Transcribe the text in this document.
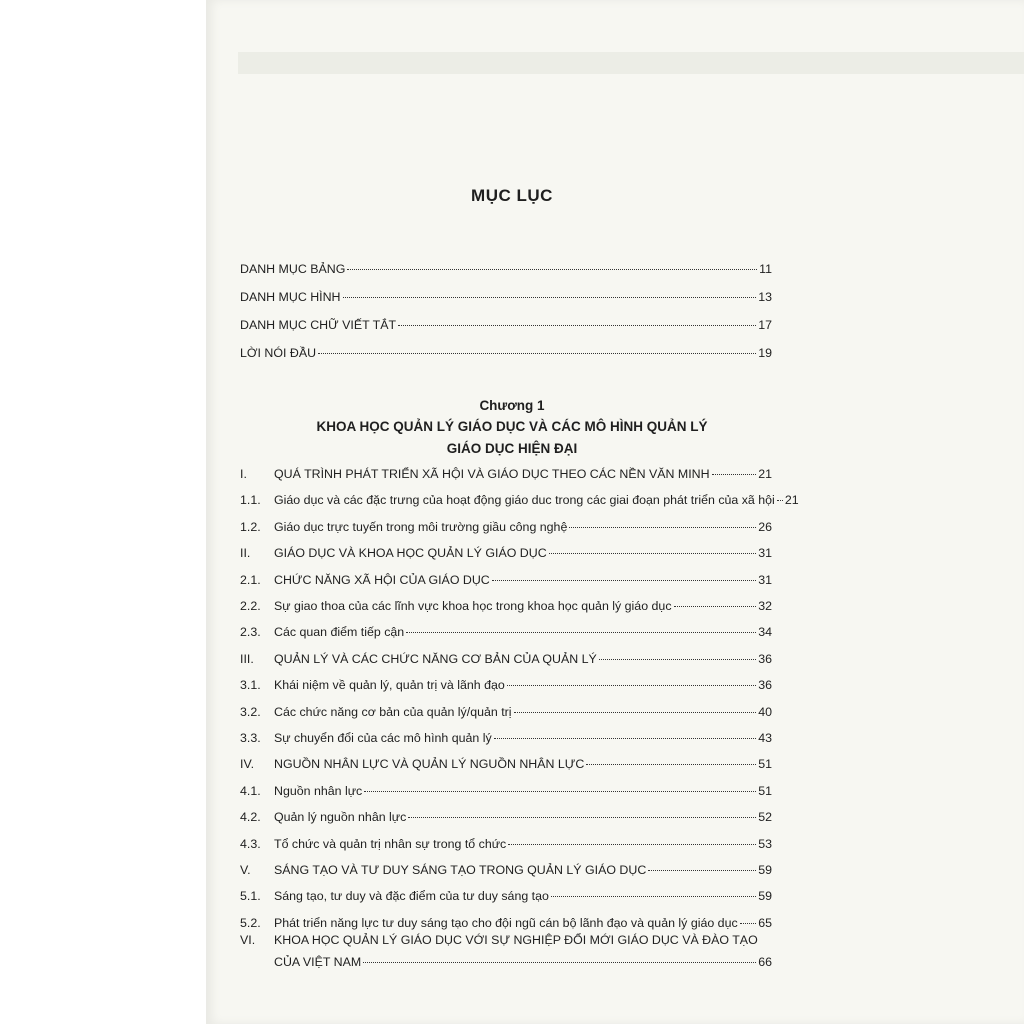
MỤC LỤC
DANH MỤC BẢNG	11
DANH MỤC HÌNH	13
DANH MỤC CHỮ VIẾT TẮT	17
LỜI NÓI ĐẦU	19
Chương 1
KHOA HỌC QUẢN LÝ GIÁO DỤC VÀ CÁC MÔ HÌNH QUẢN LÝ
GIÁO DỤC HIỆN ĐẠI
I.	QUÁ TRÌNH PHÁT TRIỂN XÃ HỘI VÀ GIÁO DỤC THEO CÁC NỀN VĂN MINH	21
1.1.	Giáo dục và các đặc trưng của hoạt động giáo duc trong các giai đoạn phát triển của xã hội 21
1.2.	Giáo dục trực tuyến trong môi trường giầu công nghệ	26
II.	GIÁO DỤC VÀ KHOA HỌC QUẢN LÝ GIÁO DỤC	31
2.1.	CHỨC NĂNG XÃ HỘI CỦA GIÁO DỤC	31
2.2.	Sự giao thoa của các lĩnh vực khoa học trong khoa học quản lý giáo dục	32
2.3.	Các quan điểm tiếp cận	34
III.	QUẢN LÝ VÀ CÁC CHỨC NĂNG CƠ BẢN CỦA QUẢN LÝ	36
3.1.	Khái niệm về quản lý, quản trị và lãnh đạo	36
3.2.	Các chức năng cơ bản của quản lý/quản trị	40
3.3.	Sự chuyển đổi của các mô hình quản lý	43
IV.	NGUỒN NHÂN LỰC VÀ QUẢN LÝ NGUỒN NHÂN LỰC	51
4.1.	Nguồn nhân lực	51
4.2.	Quản lý nguồn nhân lực	52
4.3.	Tổ chức và quản trị nhân sự trong tổ chức	53
V.	SÁNG TẠO VÀ TƯ DUY SÁNG TẠO TRONG QUẢN LÝ GIÁO DỤC	59
5.1.	Sáng tạo, tư duy và đặc điểm của tư duy sáng tạo	59
5.2.	Phát triển năng lực tư duy sáng tạo cho đội ngũ cán bộ lãnh đạo và quản lý giáo dục 65
VI. KHOA HỌC QUẢN LÝ GIÁO DỤC VỚI SỰ NGHIỆP ĐỔI MỚI GIÁO DỤC VÀ ĐÀO TẠO
CỦA VIỆT NAM	66
